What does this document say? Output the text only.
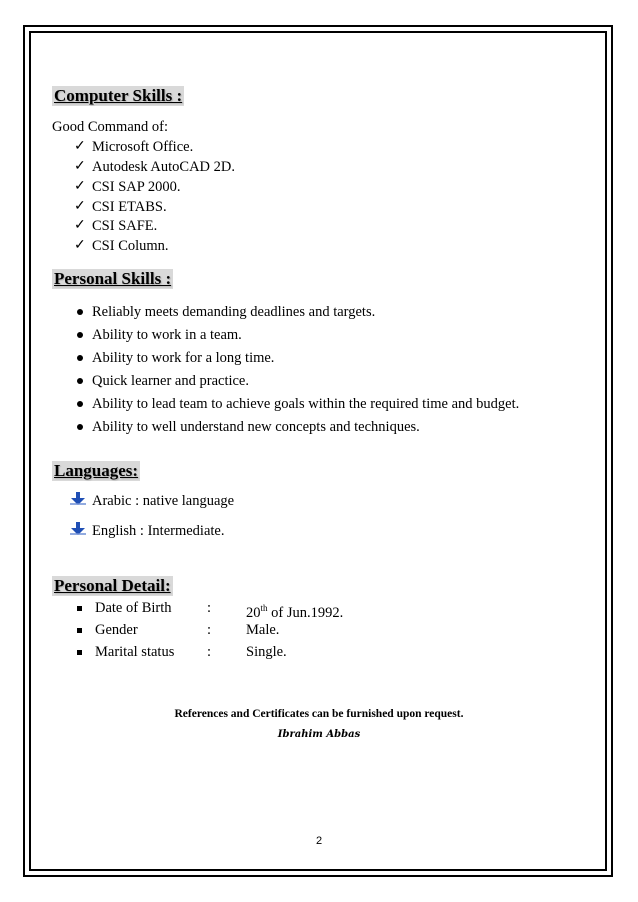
Computer Skills :
Good Command of:
✓ Microsoft Office.
✓ Autodesk AutoCAD 2D.
✓ CSI SAP 2000.
✓ CSI ETABS.
✓ CSI SAFE.
✓ CSI Column.
Personal Skills :
Reliably meets demanding deadlines and targets.
Ability to work in a team.
Ability to work for a long time.
Quick learner and practice.
Ability to lead team to achieve goals within the required time and budget.
Ability to well understand new concepts and techniques.
Languages:
Arabic : native language
English : Intermediate.
Personal Detail:
Date of Birth : 20th of Jun.1992.
Gender	: Male.
Marital status : Single.
References and Certificates can be furnished upon request.
Ibrahim Abbas
2
